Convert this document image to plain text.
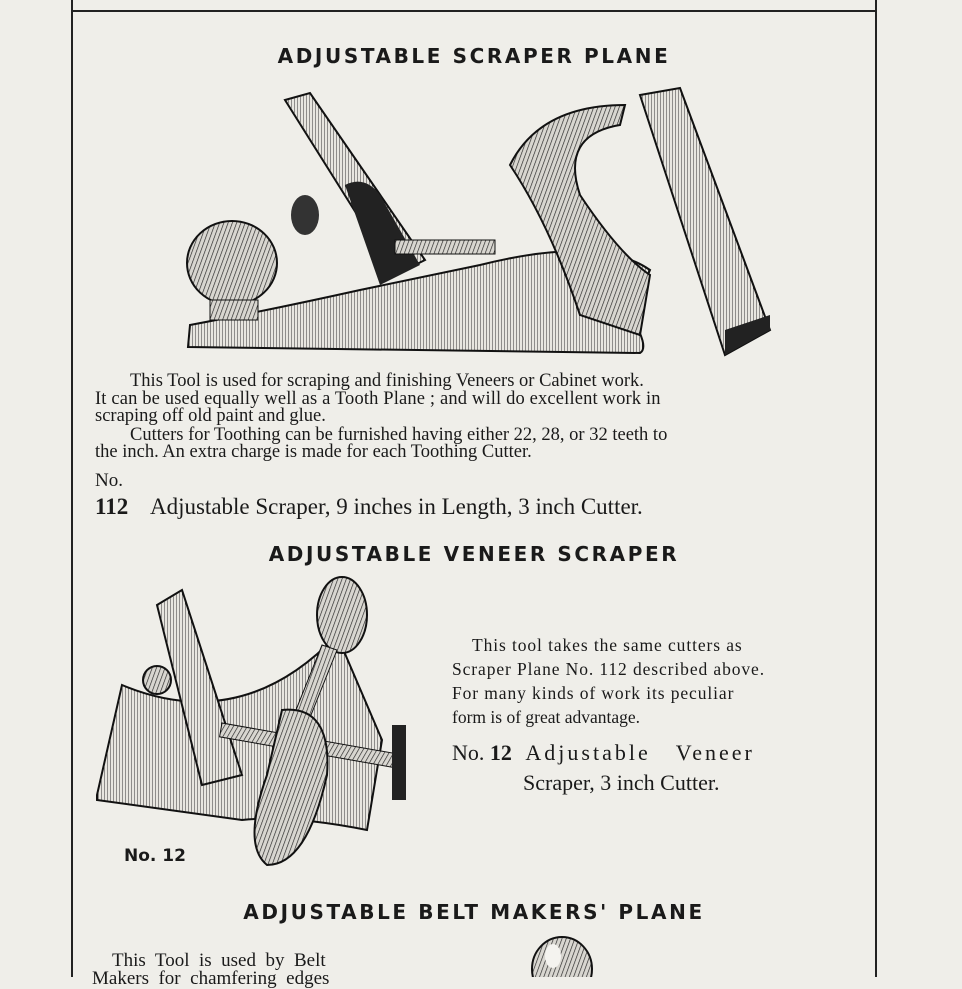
ADJUSTABLE SCRAPER PLANE
This Tool is used for scraping and finishing Veneers or Cabinet work.
It can be used equally well as a Tooth Plane ; and will do excellent work in
scraping off old paint and glue.
Cutters for Toothing can be furnished having either 22, 28, or 32 teeth to
the inch. An extra charge is made for each Toothing Cutter.
No.
112 Adjustable Scraper, 9 inches in Length, 3 inch Cutter.
ADJUSTABLE VENEER SCRAPER
No. 12
This tool takes the same cutters as
Scraper Plane No. 112 described above.
For many kinds of work its peculiar
form is of great advantage.
No. 12 Adjustable   Veneer
Scraper, 3 inch Cutter.
ADJUSTABLE BELT MAKERS' PLANE
This  Tool  is  used  by  Belt
Makers  for  chamfering  edges
